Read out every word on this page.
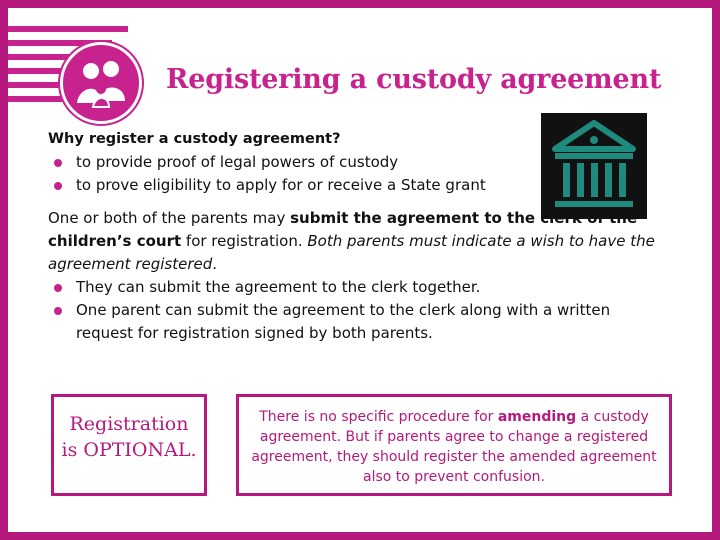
Registering a custody agreement
Why register a custody agreement?
to provide proof of legal powers of custody
to prove eligibility to apply for or receive a State grant
One or both of the parents may submit the agreement to the clerk of the children’s court for registration. Both parents must indicate a wish to have the agreement registered.
They can submit the agreement to the clerk together.
One parent can submit the agreement to the clerk along with a written request for registration signed by both parents.
Registration
is OPTIONAL.
There is no specific procedure for amending a custody agreement. But if parents agree to change a registered agreement, they should register the amended agreement also to prevent confusion.
